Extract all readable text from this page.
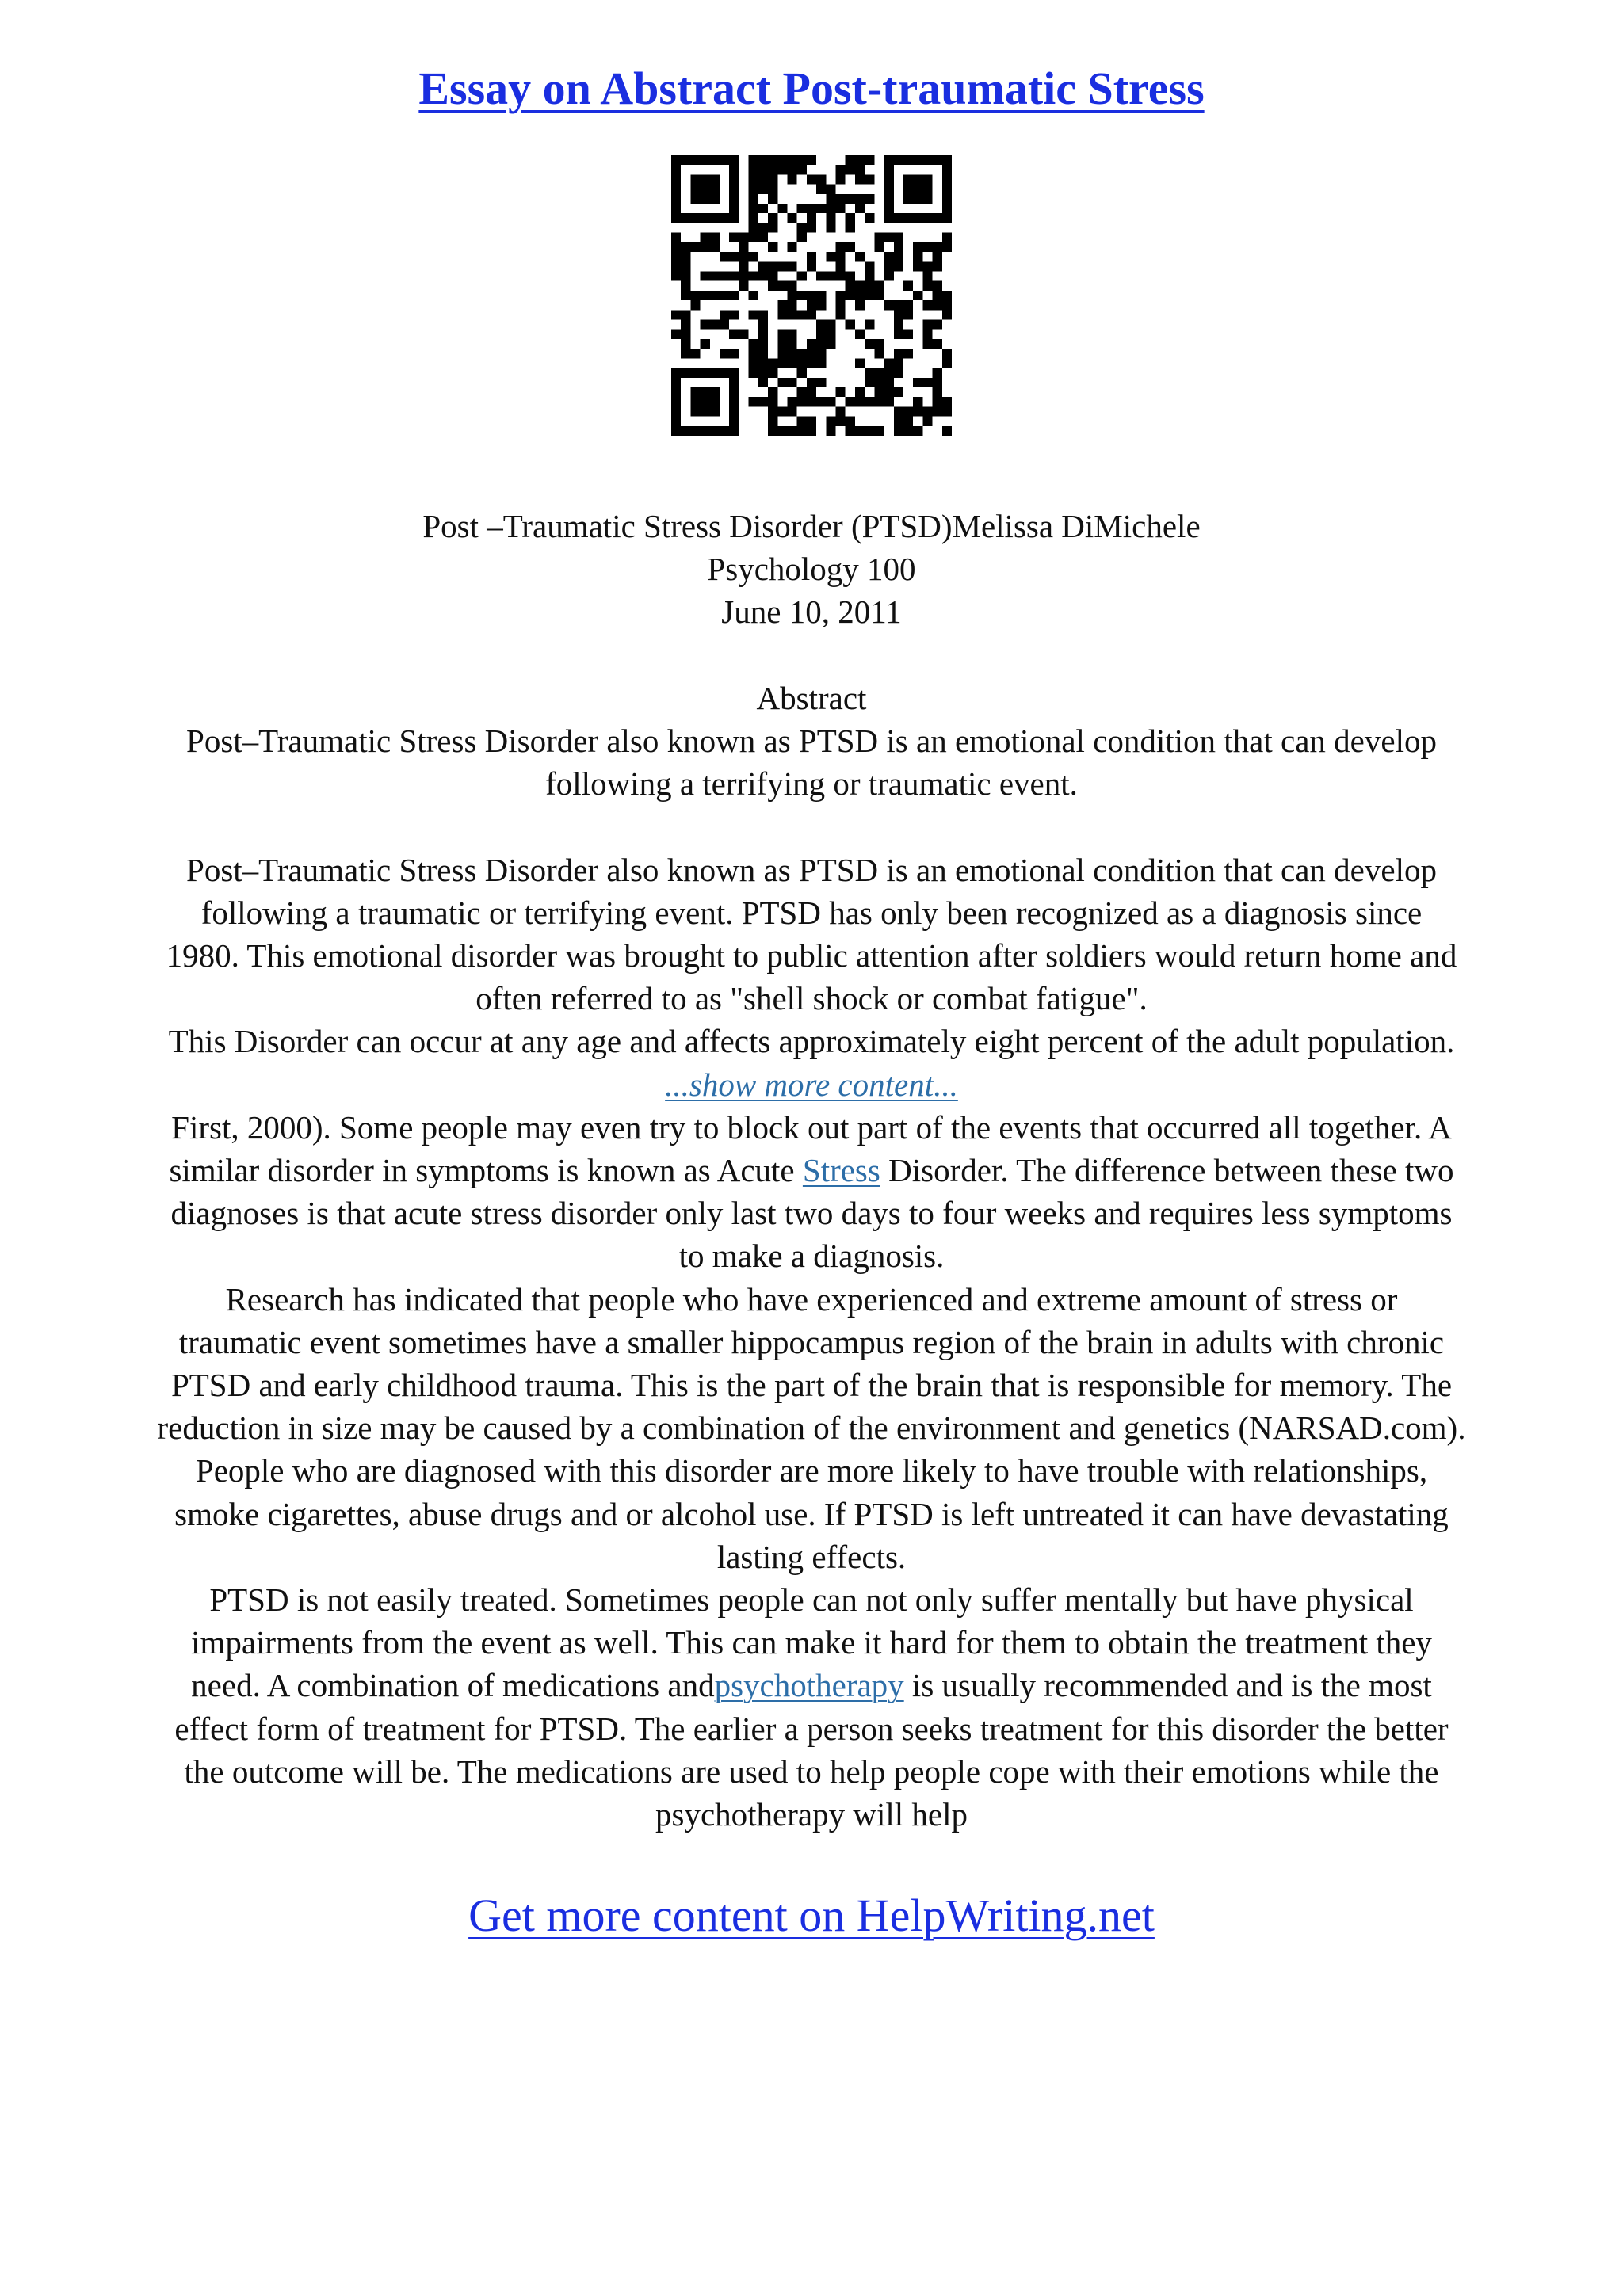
Essay on Abstract Post-traumatic Stress
Post –Traumatic Stress Disorder (PTSD)Melissa DiMichele
Psychology 100
June 10, 2011
Abstract
Post–Traumatic Stress Disorder also known as PTSD is an emotional condition that can develop
following a terrifying or traumatic event.
Post–Traumatic Stress Disorder also known as PTSD is an emotional condition that can develop
following a traumatic or terrifying event. PTSD has only been recognized as a diagnosis since
1980. This emotional disorder was brought to public attention after soldiers would return home and
often referred to as "shell shock or combat fatigue".
This Disorder can occur at any age and affects approximately eight percent of the adult population.
...show more content...
First, 2000). Some people may even try to block out part of the events that occurred all together. A
similar disorder in symptoms is known as Acute Stress Disorder. The difference between these two
diagnoses is that acute stress disorder only last two days to four weeks and requires less symptoms
to make a diagnosis.
Research has indicated that people who have experienced and extreme amount of stress or
traumatic event sometimes have a smaller hippocampus region of the brain in adults with chronic
PTSD and early childhood trauma. This is the part of the brain that is responsible for memory. The
reduction in size may be caused by a combination of the environment and genetics (NARSAD.com).
People who are diagnosed with this disorder are more likely to have trouble with relationships,
smoke cigarettes, abuse drugs and or alcohol use. If PTSD is left untreated it can have devastating
lasting effects.
PTSD is not easily treated. Sometimes people can not only suffer mentally but have physical
impairments from the event as well. This can make it hard for them to obtain the treatment they
need. A combination of medications andpsychotherapy is usually recommended and is the most
effect form of treatment for PTSD. The earlier a person seeks treatment for this disorder the better
the outcome will be. The medications are used to help people cope with their emotions while the
psychotherapy will help
Get more content on HelpWriting.net
